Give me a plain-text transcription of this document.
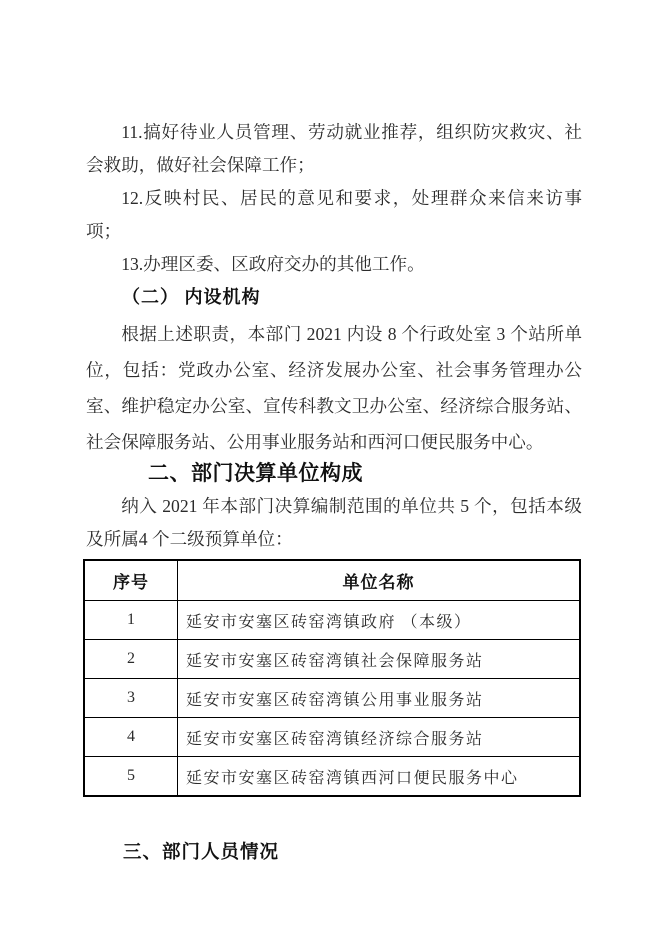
11.搞好待业人员管理、劳动就业推荐，组织防灾救灾、社会救助，做好社会保障工作；

12.反映村民、居民的意见和要求，处理群众来信来访事项；

13.办理区委、区政府交办的其他工作。

（二） 内设机构

根据上述职责，本部门 2021 内设 8 个行政处室 3 个站所单位，包括：党政办公室、经济发展办公室、社会事务管理办公室、维护稳定办公室、宣传科教文卫办公室、经济综合服务站、社会保障服务站、公用事业服务站和西河口便民服务中心。

二、部门决算单位构成

纳入 2021 年本部门决算编制范围的单位共 5 个，包括本级及所属4 个二级预算单位：

序号	单位名称
1	延安市安塞区砖窑湾镇政府 （本级）
2	延安市安塞区砖窑湾镇社会保障服务站
3	延安市安塞区砖窑湾镇公用事业服务站
4	延安市安塞区砖窑湾镇经济综合服务站
5	延安市安塞区砖窑湾镇西河口便民服务中心

三、部门人员情况
